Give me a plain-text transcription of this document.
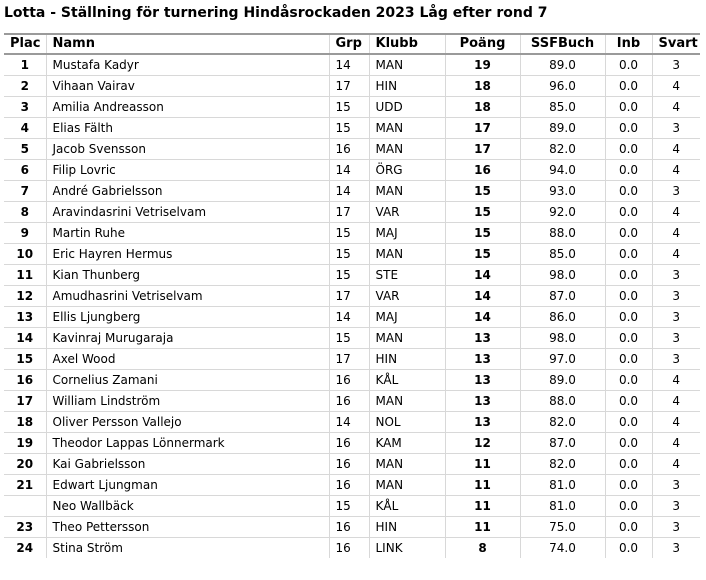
Lotta - Ställning för turnering Hindåsrockaden 2023 Låg efter rond 7
Plac	Namn	Grp	Klubb	Poäng	SSFBuch	Inb	Svart
1	Mustafa Kadyr	14	MAN	19	89.0	0.0	3
2	Vihaan Vairav	17	HIN	18	96.0	0.0	4
3	Amilia Andreasson	15	UDD	18	85.0	0.0	4
4	Elias Fälth	15	MAN	17	89.0	0.0	3
5	Jacob Svensson	16	MAN	17	82.0	0.0	4
6	Filip Lovric	14	ÖRG	16	94.0	0.0	4
7	André Gabrielsson	14	MAN	15	93.0	0.0	3
8	Aravindasrini Vetriselvam	17	VAR	15	92.0	0.0	4
9	Martin Ruhe	15	MAJ	15	88.0	0.0	4
10	Eric Hayren Hermus	15	MAN	15	85.0	0.0	4
11	Kian Thunberg	15	STE	14	98.0	0.0	3
12	Amudhasrini Vetriselvam	17	VAR	14	87.0	0.0	3
13	Ellis Ljungberg	14	MAJ	14	86.0	0.0	3
14	Kavinraj Murugaraja	15	MAN	13	98.0	0.0	3
15	Axel Wood	17	HIN	13	97.0	0.0	3
16	Cornelius Zamani	16	KÅL	13	89.0	0.0	4
17	William Lindström	16	MAN	13	88.0	0.0	4
18	Oliver Persson Vallejo	14	NOL	13	82.0	0.0	4
19	Theodor Lappas Lönnermark	16	KAM	12	87.0	0.0	4
20	Kai Gabrielsson	16	MAN	11	82.0	0.0	4
21	Edwart Ljungman	16	MAN	11	81.0	0.0	3
	Neo Wallbäck	15	KÅL	11	81.0	0.0	3
23	Theo Pettersson	16	HIN	11	75.0	0.0	3
24	Stina Ström	16	LINK	8	74.0	0.0	3
